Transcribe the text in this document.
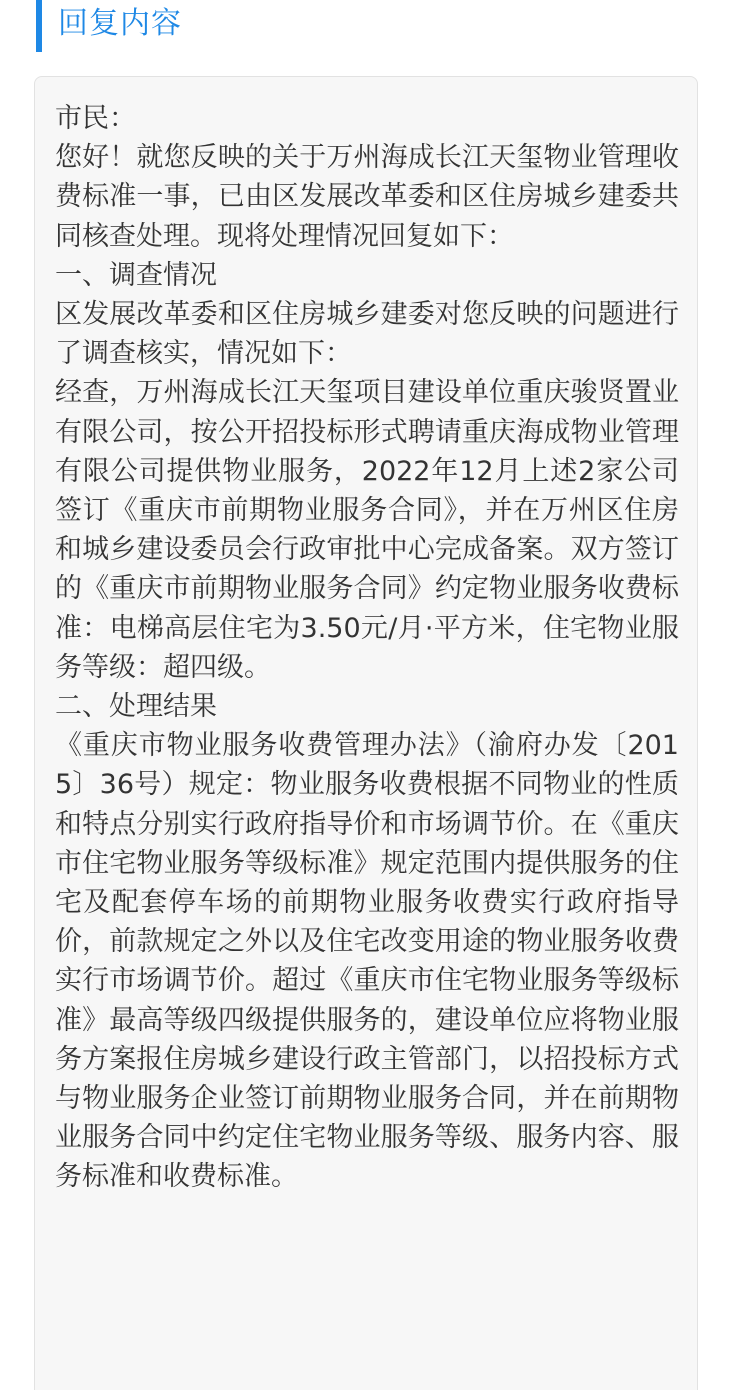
回复内容

市民：

您好！就您反映的关于万州海成长江天玺物业管理收费标准一事，已由区发展改革委和区住房城乡建委共同核查处理。现将处理情况回复如下：

一、调查情况

区发展改革委和区住房城乡建委对您反映的问题进行了调查核实，情况如下：

经查，万州海成长江天玺项目建设单位重庆骏贤置业有限公司，按公开招投标形式聘请重庆海成物业管理有限公司提供物业服务，2022年12月上述2家公司签订《重庆市前期物业服务合同》，并在万州区住房和城乡建设委员会行政审批中心完成备案。双方签订的《重庆市前期物业服务合同》约定物业服务收费标准：电梯高层住宅为3.50元/月·平方米，住宅物业服务等级：超四级。

二、处理结果

《重庆市物业服务收费管理办法》（渝府办发〔2015〕36号）规定：物业服务收费根据不同物业的性质和特点分别实行政府指导价和市场调节价。在《重庆市住宅物业服务等级标准》规定范围内提供服务的住宅及配套停车场的前期物业服务收费实行政府指导价，前款规定之外以及住宅改变用途的物业服务收费实行市场调节价。超过《重庆市住宅物业服务等级标准》最高等级四级提供服务的，建设单位应将物业服务方案报住房城乡建设行政主管部门，以招投标方式与物业服务企业签订前期物业服务合同，并在前期物业服务合同中约定住宅物业服务等级、服务内容、服务标准和收费标准。
